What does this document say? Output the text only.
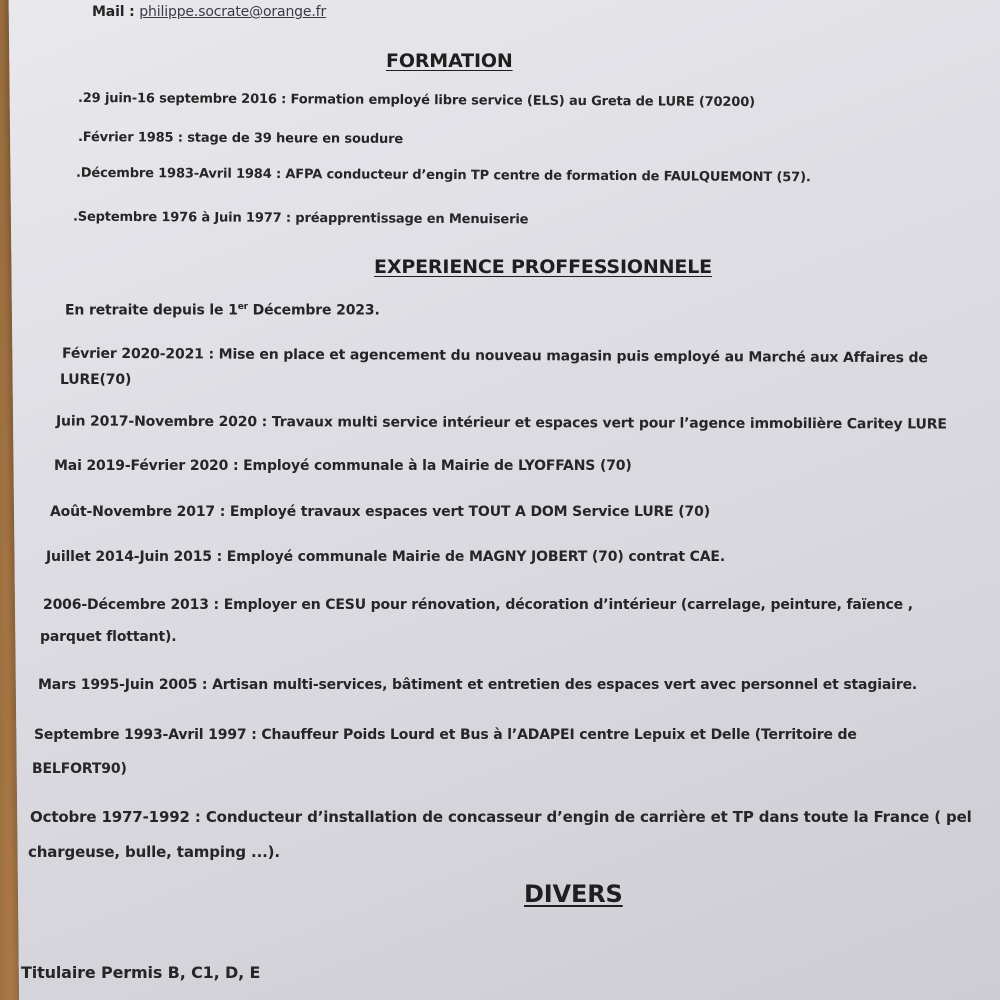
Mail : philippe.socrate@orange.fr

FORMATION

.29 juin-16 septembre 2016 : Formation employé libre service (ELS) au Greta de LURE (70200)

.Février 1985 : stage de 39 heure en soudure

.Décembre 1983-Avril 1984 : AFPA conducteur d’engin TP centre de formation de FAULQUEMONT (57).

.Septembre 1976 à Juin 1977 : préapprentissage en Menuiserie

EXPERIENCE PROFFESSIONNELE

En retraite depuis le 1er Décembre 2023.

Février 2020-2021 : Mise en place et agencement du nouveau magasin puis employé au Marché aux Affaires de

LURE(70)

Juin 2017-Novembre 2020 : Travaux multi service intérieur et espaces vert pour l’agence immobilière Caritey LURE

Mai 2019-Février 2020 : Employé communale à la Mairie de LYOFFANS (70)

Août-Novembre 2017 : Employé travaux espaces vert TOUT A DOM Service LURE (70)

Juillet 2014-Juin 2015 : Employé communale Mairie de MAGNY JOBERT (70) contrat CAE.

2006-Décembre 2013 : Employer en CESU pour rénovation, décoration d’intérieur (carrelage, peinture, faïence ,

parquet flottant).

Mars 1995-Juin 2005 : Artisan multi-services, bâtiment et entretien des espaces vert avec personnel et stagiaire.

Septembre 1993-Avril 1997 : Chauffeur Poids Lourd et Bus à l’ADAPEI centre Lepuix et Delle (Territoire de

BELFORT90)

Octobre 1977-1992 : Conducteur d’installation de concasseur d’engin de carrière et TP dans toute la France ( pel

chargeuse, bulle, tamping ...).

DIVERS

Titulaire Permis B, C1, D, E
